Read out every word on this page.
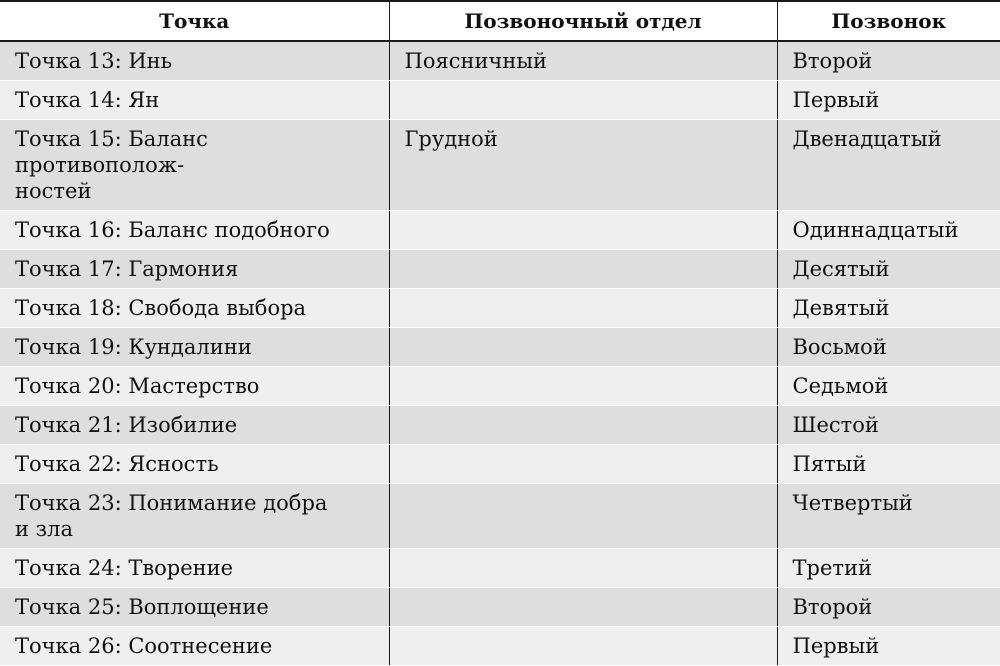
Точка	Позвоночный отдел	Позвонок
Точка 13: Инь	Поясничный	Второй
Точка 14: Ян		Первый
Точка 15: Баланс противополож-
ностей	Грудной	Двенадцатый
Точка 16: Баланс подобного		Одиннадцатый
Точка 17: Гармония		Десятый
Точка 18: Свобода выбора		Девятый
Точка 19: Кундалини		Восьмой
Точка 20: Мастерство		Седьмой
Точка 21: Изобилие		Шестой
Точка 22: Ясность		Пятый
Точка 23: Понимание добра
и зла		Четвертый
Точка 24: Творение		Третий
Точка 25: Воплощение		Второй
Точка 26: Соотнесение		Первый
